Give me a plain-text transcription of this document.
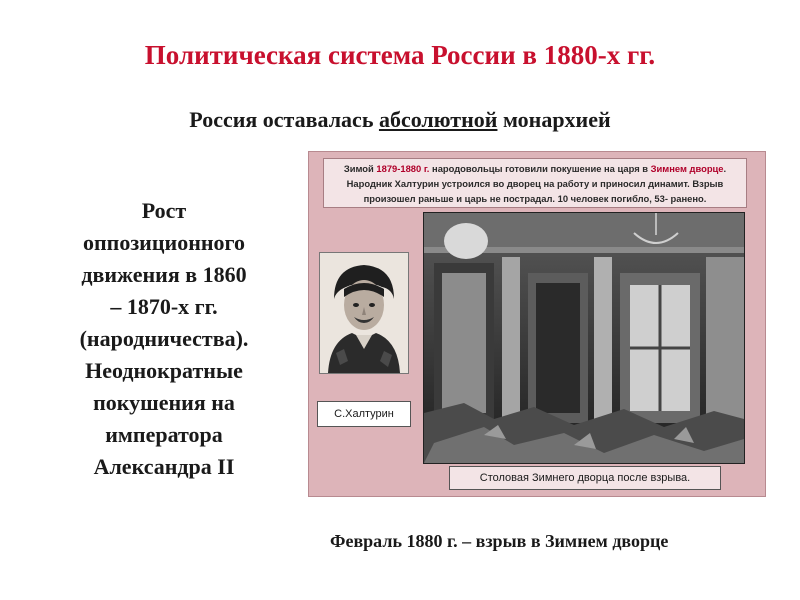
Политическая система России в 1880-х гг.
Россия оставалась абсолютной монархией
Рост
оппозиционного
движения в 1860
– 1870-х гг.
(народничества).
Неоднократные
покушения на
императора
Александра II
Зимой 1879-1880 г. народовольцы готовили покушение на царя в Зимнем дворце.
Народник Халтурин устроился во дворец на работу и приносил динамит. Взрыв
произошел раньше и царь не пострадал. 10 человек погибло, 53- ранено.
С.Халтурин
Столовая Зимнего дворца после взрыва.
Февраль 1880 г. – взрыв в Зимнем дворце
